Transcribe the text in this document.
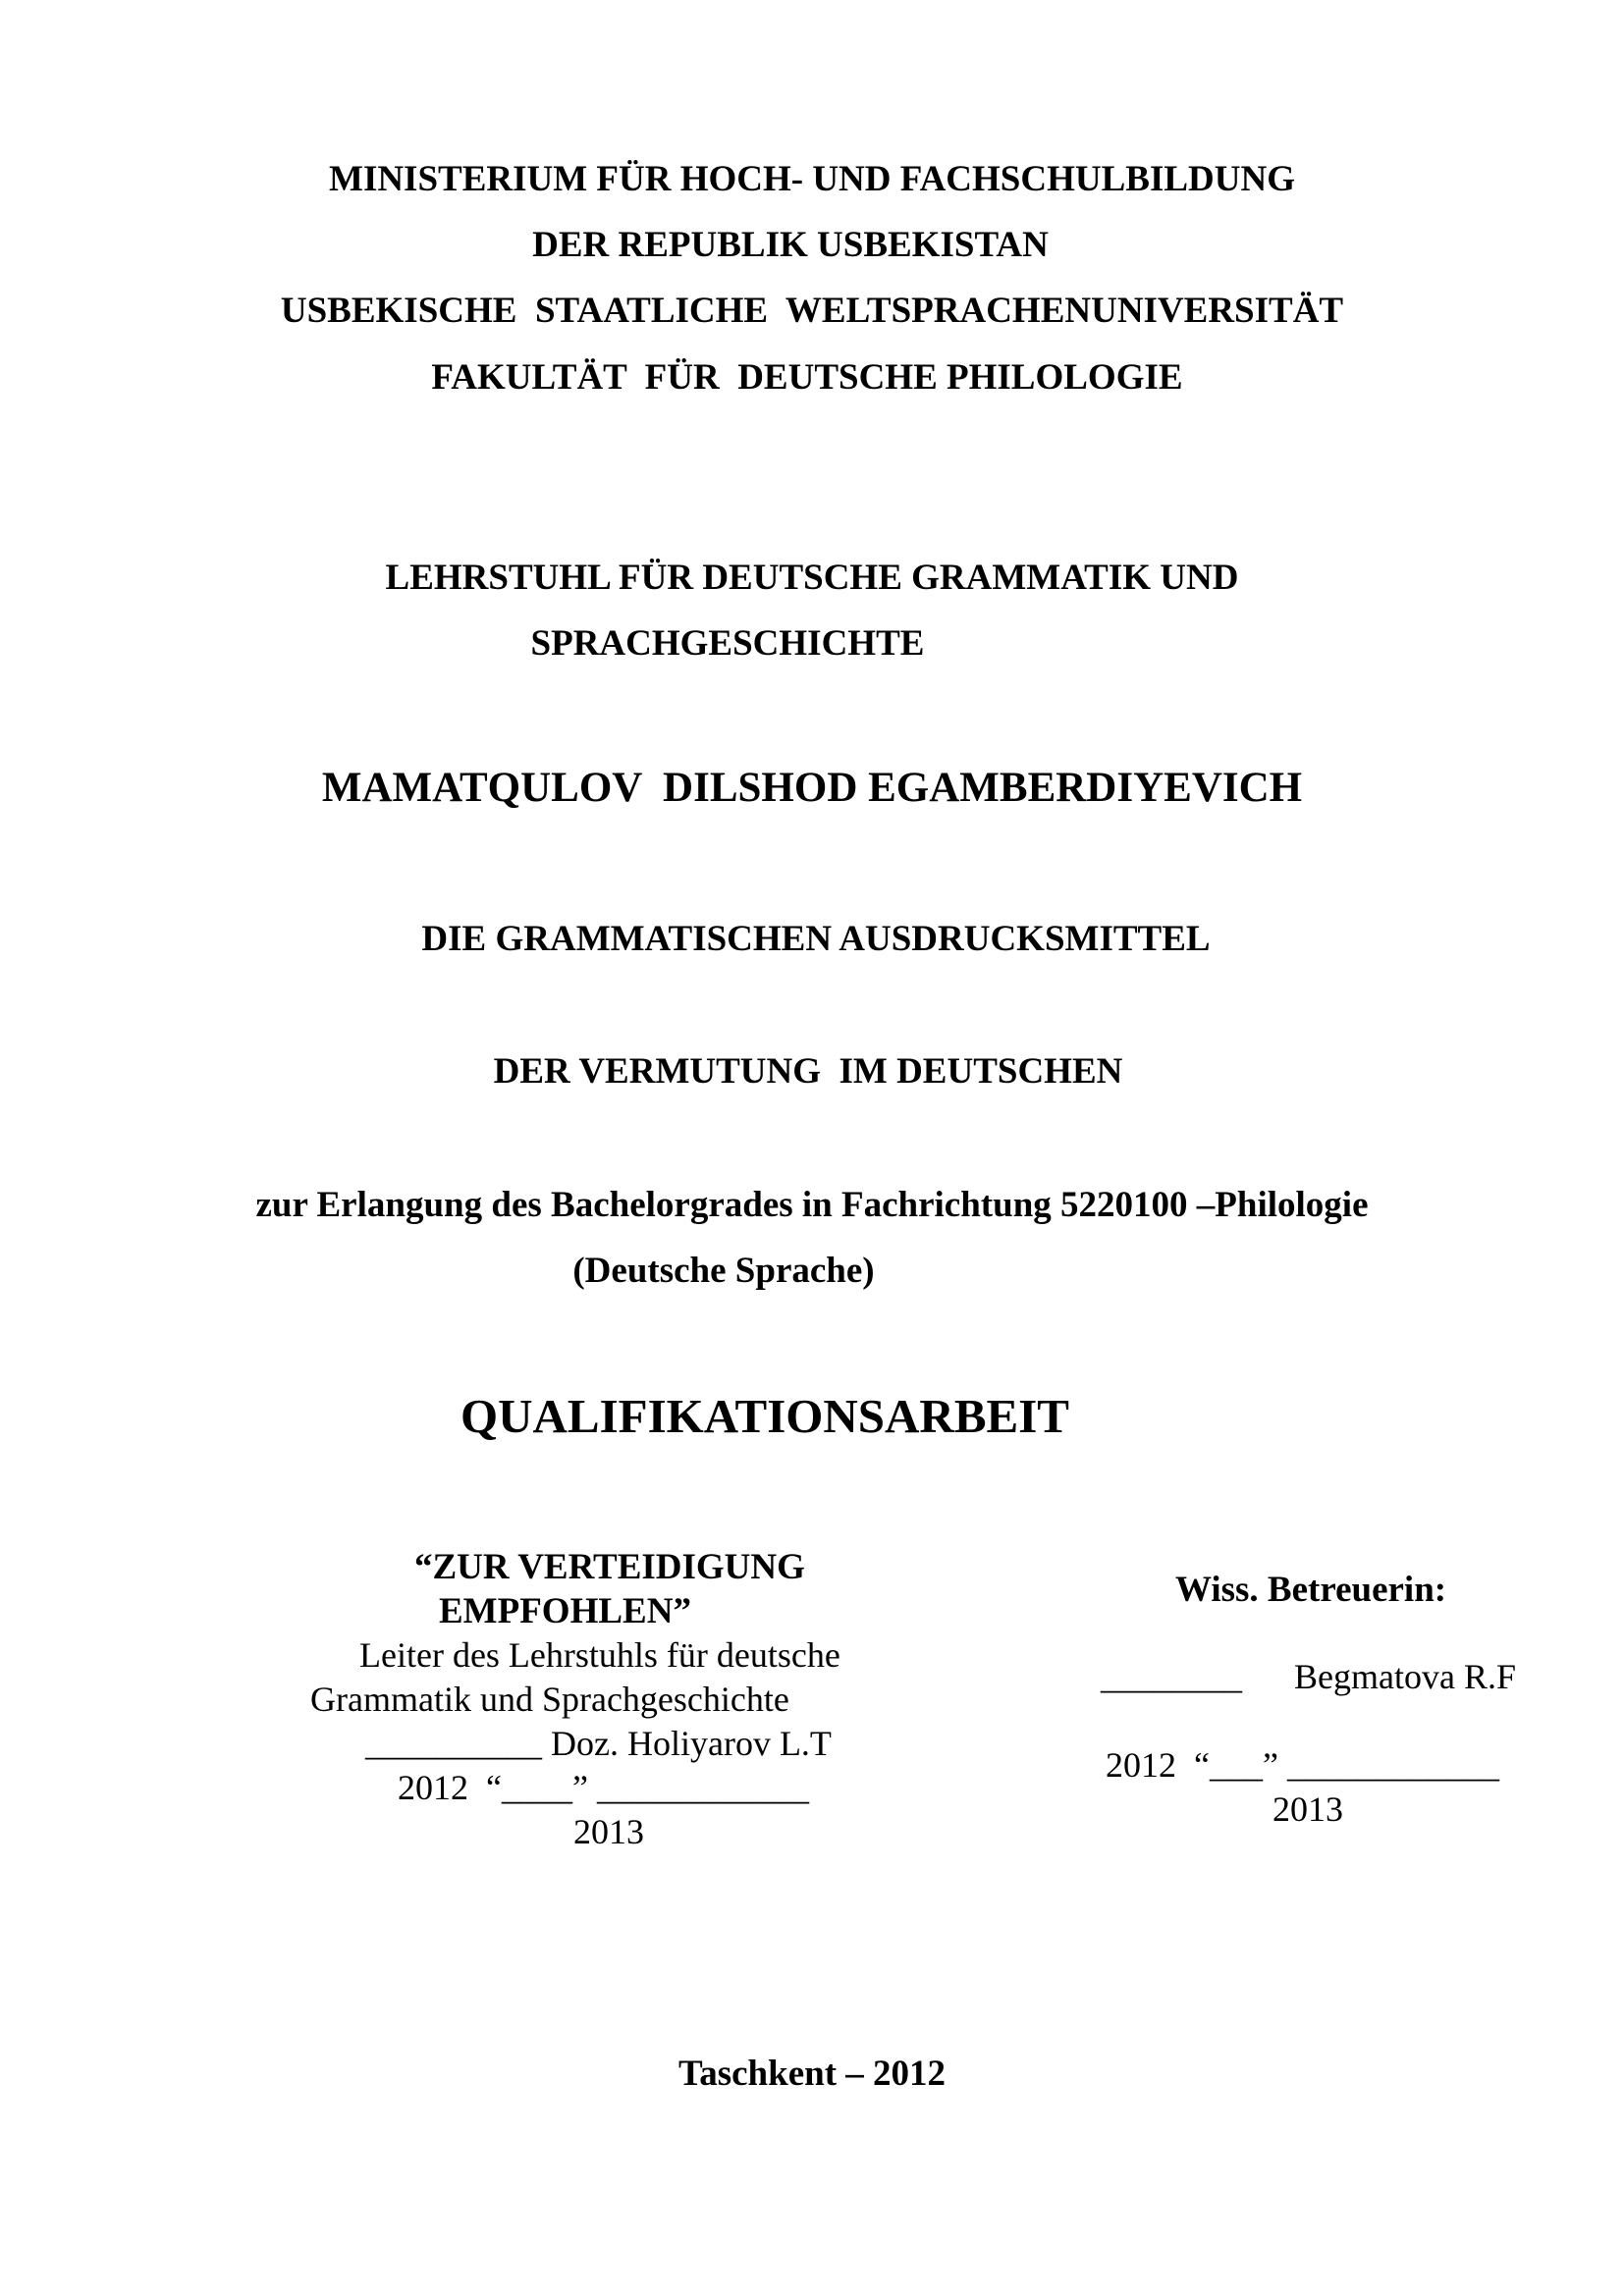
MINISTERIUM FÜR HOCH- UND FACHSCHULBILDUNG
DER REPUBLIK USBEKISTAN
USBEKISCHE  STAATLICHE  WELTSPRACHENUNIVERSITÄT
FAKULTÄT  FÜR  DEUTSCHE PHILOLOGIE
LEHRSTUHL FÜR DEUTSCHE GRAMMATIK UND
SPRACHGESCHICHTE
MAMATQULOV  DILSHOD EGAMBERDIYEVICH
DIE GRAMMATISCHEN AUSDRUCKSMITTEL
DER VERMUTUNG  IM DEUTSCHEN
zur Erlangung des Bachelorgrades in Fachrichtung 5220100 –Philologie
(Deutsche Sprache)
QUALIFIKATIONSARBEIT
“ZUR VERTEIDIGUNG
EMPFOHLEN”
Leiter des Lehrstuhls für deutsche
Grammatik und Sprachgeschichte
__________ Doz. Holiyarov L.T
2012  “____” ____________
2013
Wiss. Betreuerin:
________ Begmatova R.F
2012  “___” ____________
2013
Taschkent – 2012
